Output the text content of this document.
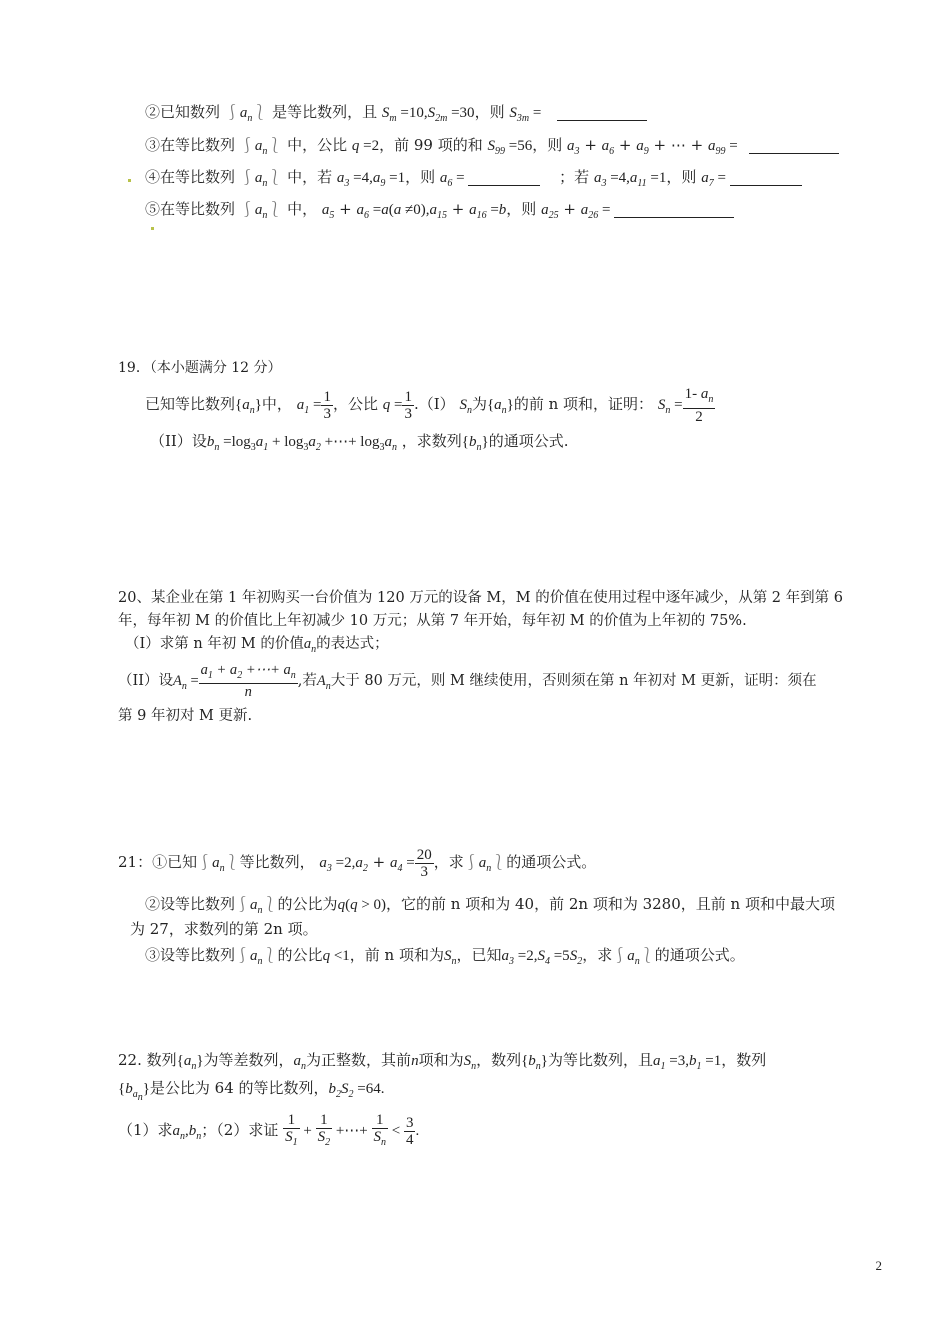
②已知数列 $⎰a_n⎱$ 是等比数列，且 $S_m =10,S_{2m} =30$，则 $S_{3m}$ =
③在等比数列 $⎰a_n⎱$ 中，公比 q =2，前 99 项的和 $S_{99} =56$，则 $a_3 + a_6 + a_9$ + ⋯ + $a_{99}$ =
④在等比数列 $⎰a_n⎱$ 中，若 $a_3 =4,a_9 =1$，则 $a_6$ =	；若 $a_3 =4,a_{11} =1$，则 $a_7$ =
⑤在等比数列 $⎰a_n⎱$ 中， $a_5 + a_6 =a(a \ne 0),a_{15} + a_{16} =b$，则 $a_{25} + a_{26}$ =
19．（本小题满分 12 分）
已知等比数列$\{a_n\}$中， $a_1 = \frac{1}{3}$ ，公比 $q = \frac{1}{3} .(I)$ $S_n$为$\{a_n\}$的前 n 项和，证明： $S_n = \frac{1- a_n}{2}$
（II）设$b_n =\log_3a_1 + \log_3a_2$ +⋯+ $\log_3a_n$ ，求数列$\{b_n\}$的通项公式.
20、某企业在第 1 年初购买一台价值为 120 万元的设备 M，M 的价值在使用过程中逐年减少，从第 2 年到第 6
年，每年初 M 的价值比上年初减少 10 万元；从第 7 年开始，每年初 M 的价值为上年初的 75%.
（I）求第 n 年初 M 的价值$a_n$的表达式；
（II）设$A_n = \frac{a_1 + a_2 +\cdots+ a_n}{n}$ ,若$A_n$大于 80 万元，则 M 继续使用，否则须在第 n 年初对 M 更新，证明：须在
第 9 年初对 M 更新.
21：①已知$⎰a_n⎱$等比数列， $a_3 =2,a_2 + a_4 = \frac{20}{3}$ ，求$⎰a_n⎱$的通项公式。
②设等比数列$⎰a_n⎱$的公比为q(q > 0)，它的前 n 项和为 40，前 2n 项和为 3280，且前 n 项和中最大项
为 27，求数列的第 2n 项。
③设等比数列$⎰a_n⎱$的公比q <1，前 n 项和为$S_n$，已知$a_3 =2,S_4 =5S_2$，求$⎰a_n⎱$的通项公式。
22. 数列$\{a_n\}$为等差数列，$a_n$为正整数，其前n项和为$S_n$，数列$\{b_n\}$为等比数列，且$a_1 =3,b_1 =1$，数列
$\{b_{a_n}\}$是公比为 64 的等比数列，$b_2S_2 =64$.
（1）求$a_n,b_n$；（2）求证 $\frac{1}{S_1} + \frac{1}{S_2}$ +⋯+ $\frac{1}{S_n} < \frac{3}{4}$ .
2
